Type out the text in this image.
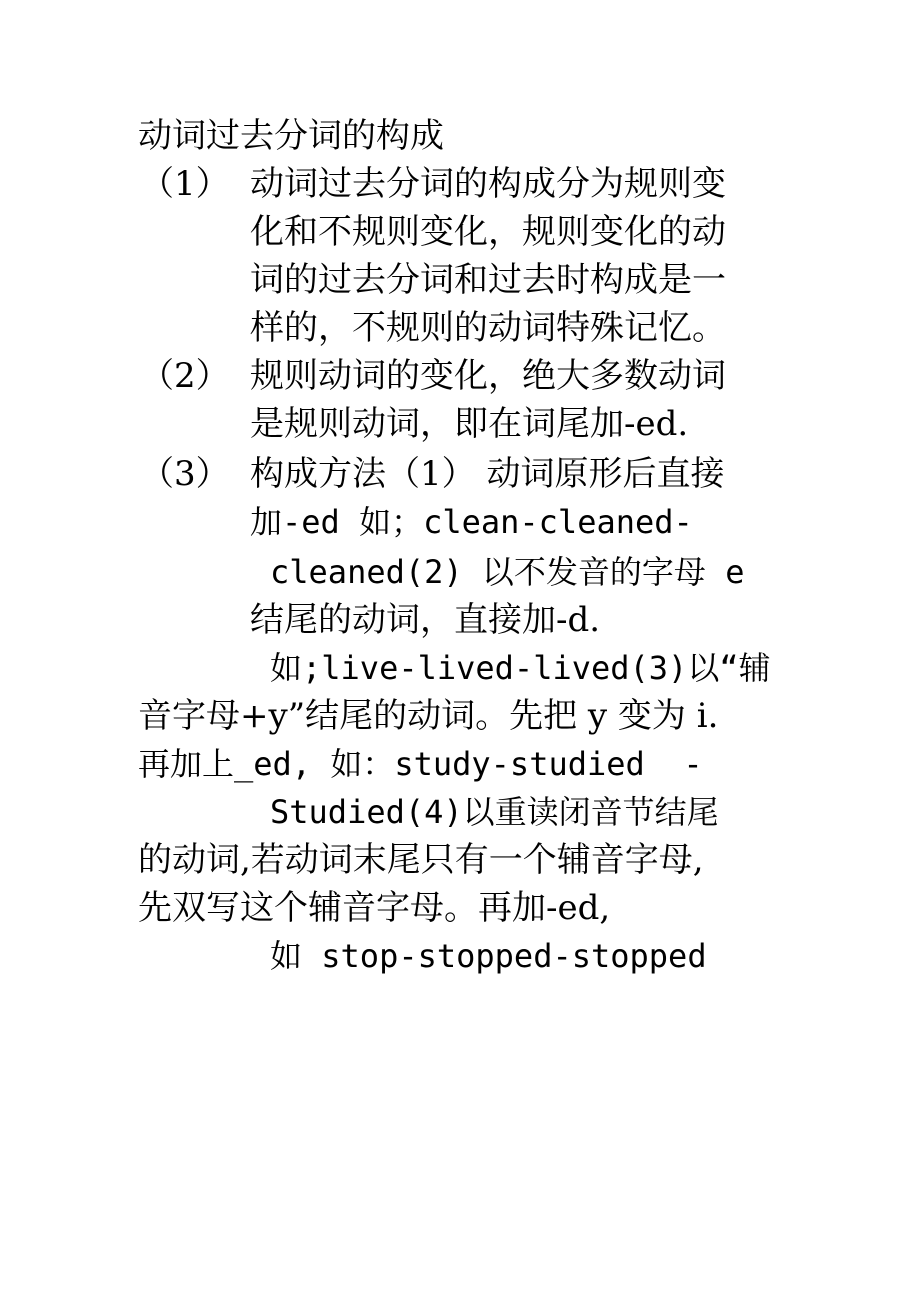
动词过去分词的构成
（1） 动词过去分词的构成分为规则变
化和不规则变化，规则变化的动
词的过去分词和过去时构成是一
样的，不规则的动词特殊记忆。
（2） 规则动词的变化，绝大多数动词
是规则动词，即在词尾加-ed.
（3） 构成方法（1） 动词原形后直接
加-ed 如；clean-cleaned-
cleaned(2) 以不发音的字母 e
结尾的动词，直接加-d.
如;live-lived-lived(3)以“辅
音字母+y”结尾的动词。先把 y 变为 i.
再加上_ed, 如：study-studied  -
Studied(4)以重读闭音节结尾
的动词,若动词末尾只有一个辅音字母,
先双写这个辅音字母。再加-ed,
如 stop-stopped-stopped
